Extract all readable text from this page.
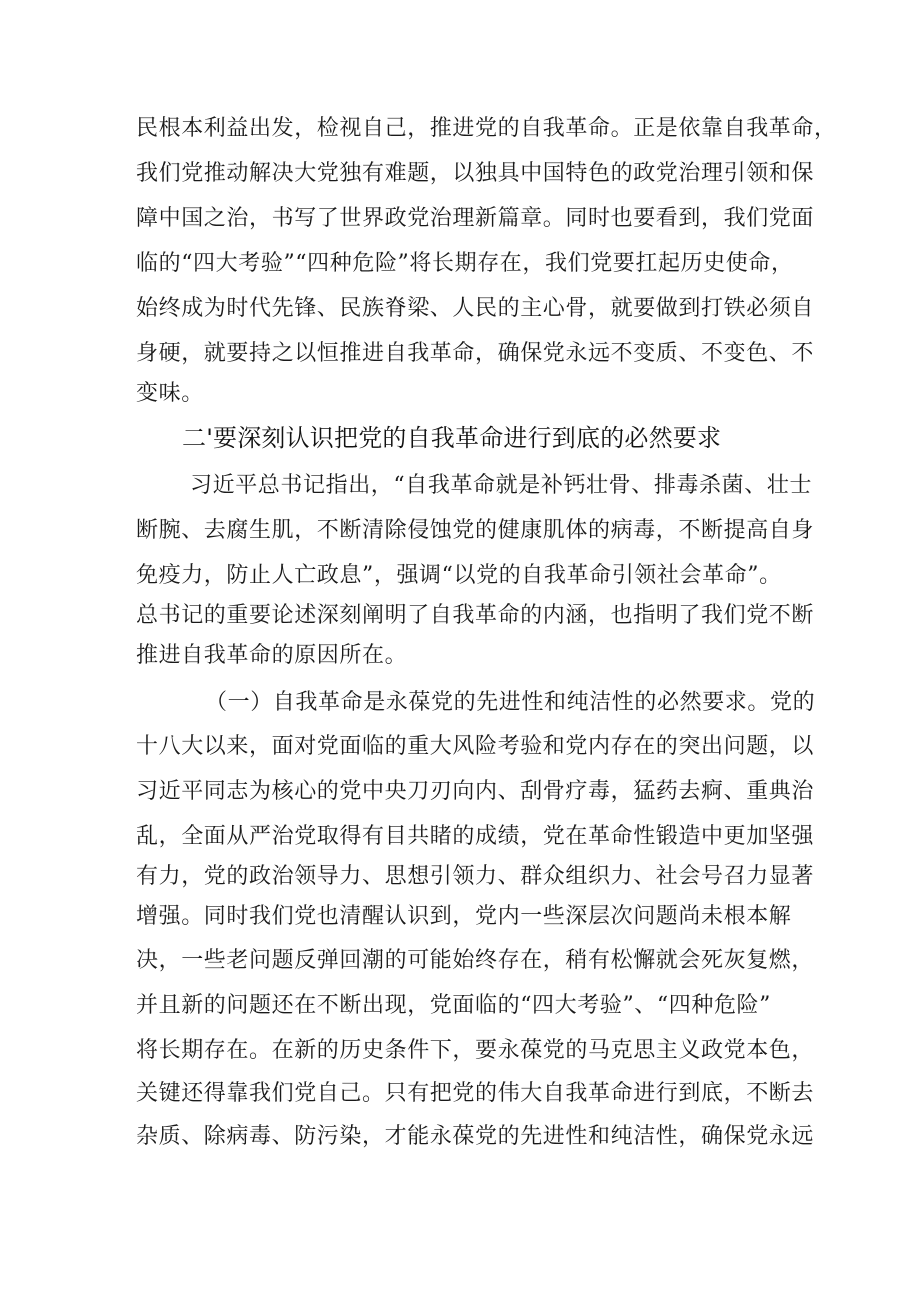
民根本利益出发，检视自己，推进党的自我革命。正是依靠自我革命，
我们党推动解决大党独有难题，以独具中国特色的政党治理引领和保
障中国之治，书写了世界政党治理新篇章。同时也要看到，我们党面
临的“四大考验”“四种危险”将长期存在，我们党要扛起历史使命，
始终成为时代先锋、民族脊梁、人民的主心骨，就要做到打铁必须自
身硬，就要持之以恒推进自我革命，确保党永远不变质、不变色、不
变味。
二'要深刻认识把党的自我革命进行到底的必然要求
习近平总书记指出，“自我革命就是补钙壮骨、排毒杀菌、壮士
断腕、去腐生肌，不断清除侵蚀党的健康肌体的病毒，不断提高自身
免疫力，防止人亡政息”，强调“以党的自我革命引领社会革命”。
总书记的重要论述深刻阐明了自我革命的内涵，也指明了我们党不断
推进自我革命的原因所在。
（一）自我革命是永葆党的先进性和纯洁性的必然要求。党的
十八大以来，面对党面临的重大风险考验和党内存在的突出问题，以
习近平同志为核心的党中央刀刃向内、刮骨疗毒，猛药去痾、重典治
乱，全面从严治党取得有目共睹的成绩，党在革命性锻造中更加坚强
有力，党的政治领导力、思想引领力、群众组织力、社会号召力显著
增强。同时我们党也清醒认识到，党内一些深层次问题尚未根本解
决，一些老问题反弹回潮的可能始终存在，稍有松懈就会死灰复燃，
并且新的问题还在不断出现，党面临的“四大考验”、“四种危险”
将长期存在。在新的历史条件下，要永葆党的马克思主义政党本色，
关键还得靠我们党自己。只有把党的伟大自我革命进行到底，不断去
杂质、除病毒、防污染，才能永葆党的先进性和纯洁性，确保党永远
